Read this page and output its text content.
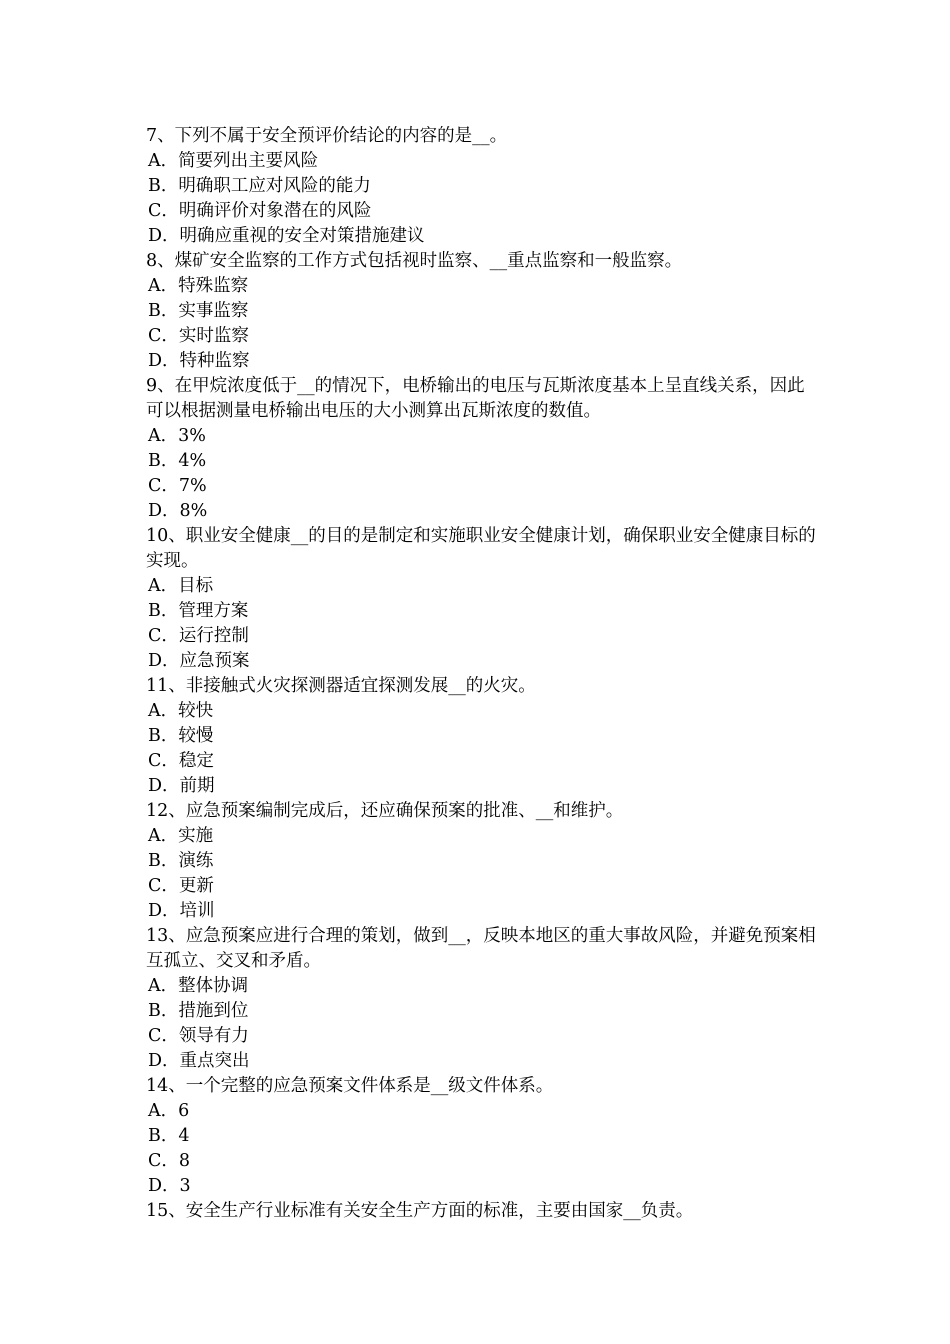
7、下列不属于安全预评价结论的内容的是__。

A．简要列出主要风险

B．明确职工应对风险的能力

C．明确评价对象潜在的风险

D．明确应重视的安全对策措施建议

8、煤矿安全监察的工作方式包括视时监察、__重点监察和一般监察。

A．特殊监察

B．实事监察

C．实时监察

D．特种监察

9、在甲烷浓度低于__的情况下，电桥输出的电压与瓦斯浓度基本上呈直线关系，因此可以根据测量电桥输出电压的大小测算出瓦斯浓度的数值。

A．3%

B．4%

C．7%

D．8%

10、职业安全健康__的目的是制定和实施职业安全健康计划，确保职业安全健康目标的实现。

A．目标

B．管理方案

C．运行控制

D．应急预案

11、非接触式火灾探测器适宜探测发展__的火灾。

A．较快

B．较慢

C．稳定

D．前期

12、应急预案编制完成后，还应确保预案的批准、__和维护。

A．实施

B．演练

C．更新

D．培训

13、应急预案应进行合理的策划，做到__，反映本地区的重大事故风险，并避免预案相互孤立、交叉和矛盾。

A．整体协调

B．措施到位

C．领导有力

D．重点突出

14、一个完整的应急预案文件体系是__级文件体系。

A．6

B．4

C．8

D．3

15、安全生产行业标准有关安全生产方面的标准，主要由国家__负责。
